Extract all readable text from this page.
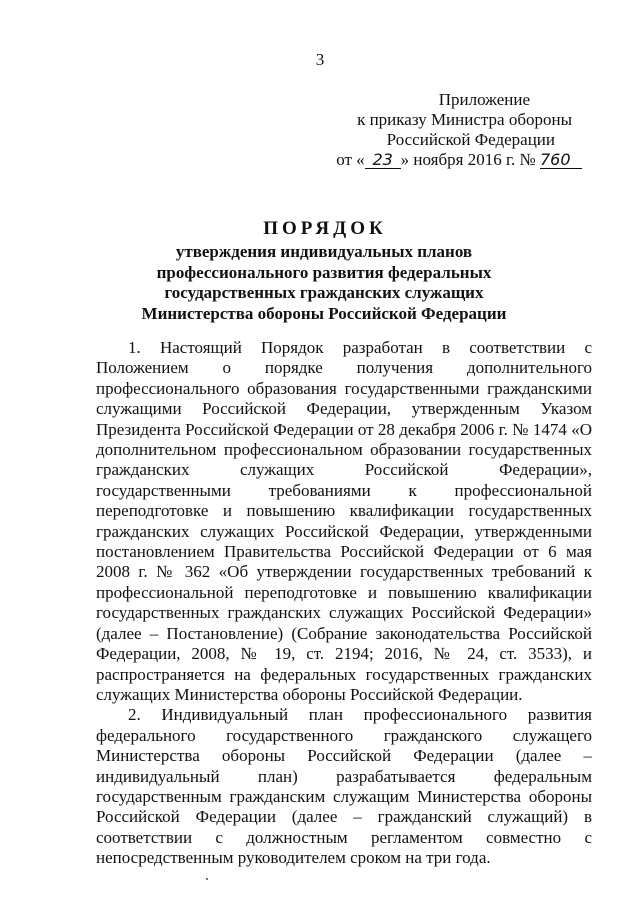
3
Приложение
к приказу Министра обороны
Российской Федерации
от « 23 » ноября 2016 г. № 760
ПОРЯДОК
утверждения индивидуальных планов
профессионального развития федеральных
государственных гражданских служащих
Министерства обороны Российской Федерации

1. Настоящий Порядок разработан в соответствии с Положением о порядке получения дополнительного профессионального образования государственными гражданскими служащими Российской Федерации, утвержденным Указом Президента Российской Федерации от 28 декабря 2006 г. № 1474 «О дополнительном профессиональном образовании государственных гражданских служащих Российской Федерации», государственными требованиями к профессиональной переподготовке и повышению квалификации государственных гражданских служащих Российской Федерации, утвержденными постановлением Правительства Российской Федерации от 6 мая 2008 г. № 362 «Об утверждении государственных требований к профессиональной переподготовке и повышению квалификации государственных гражданских служащих Российской Федерации» (далее – Постановление) (Собрание законодательства Российской Федерации, 2008, № 19, ст. 2194; 2016, № 24, ст. 3533), и распространяется на федеральных государственных гражданских служащих Министерства обороны Российской Федерации.

2. Индивидуальный план профессионального развития федерального государственного гражданского служащего Министерства обороны Российской Федерации (далее – индивидуальный план) разрабатывается федеральным государственным гражданским служащим Министерства обороны Российской Федерации (далее – гражданский служащий) в соответствии с должностным регламентом совместно с непосредственным руководителем сроком на три года.
